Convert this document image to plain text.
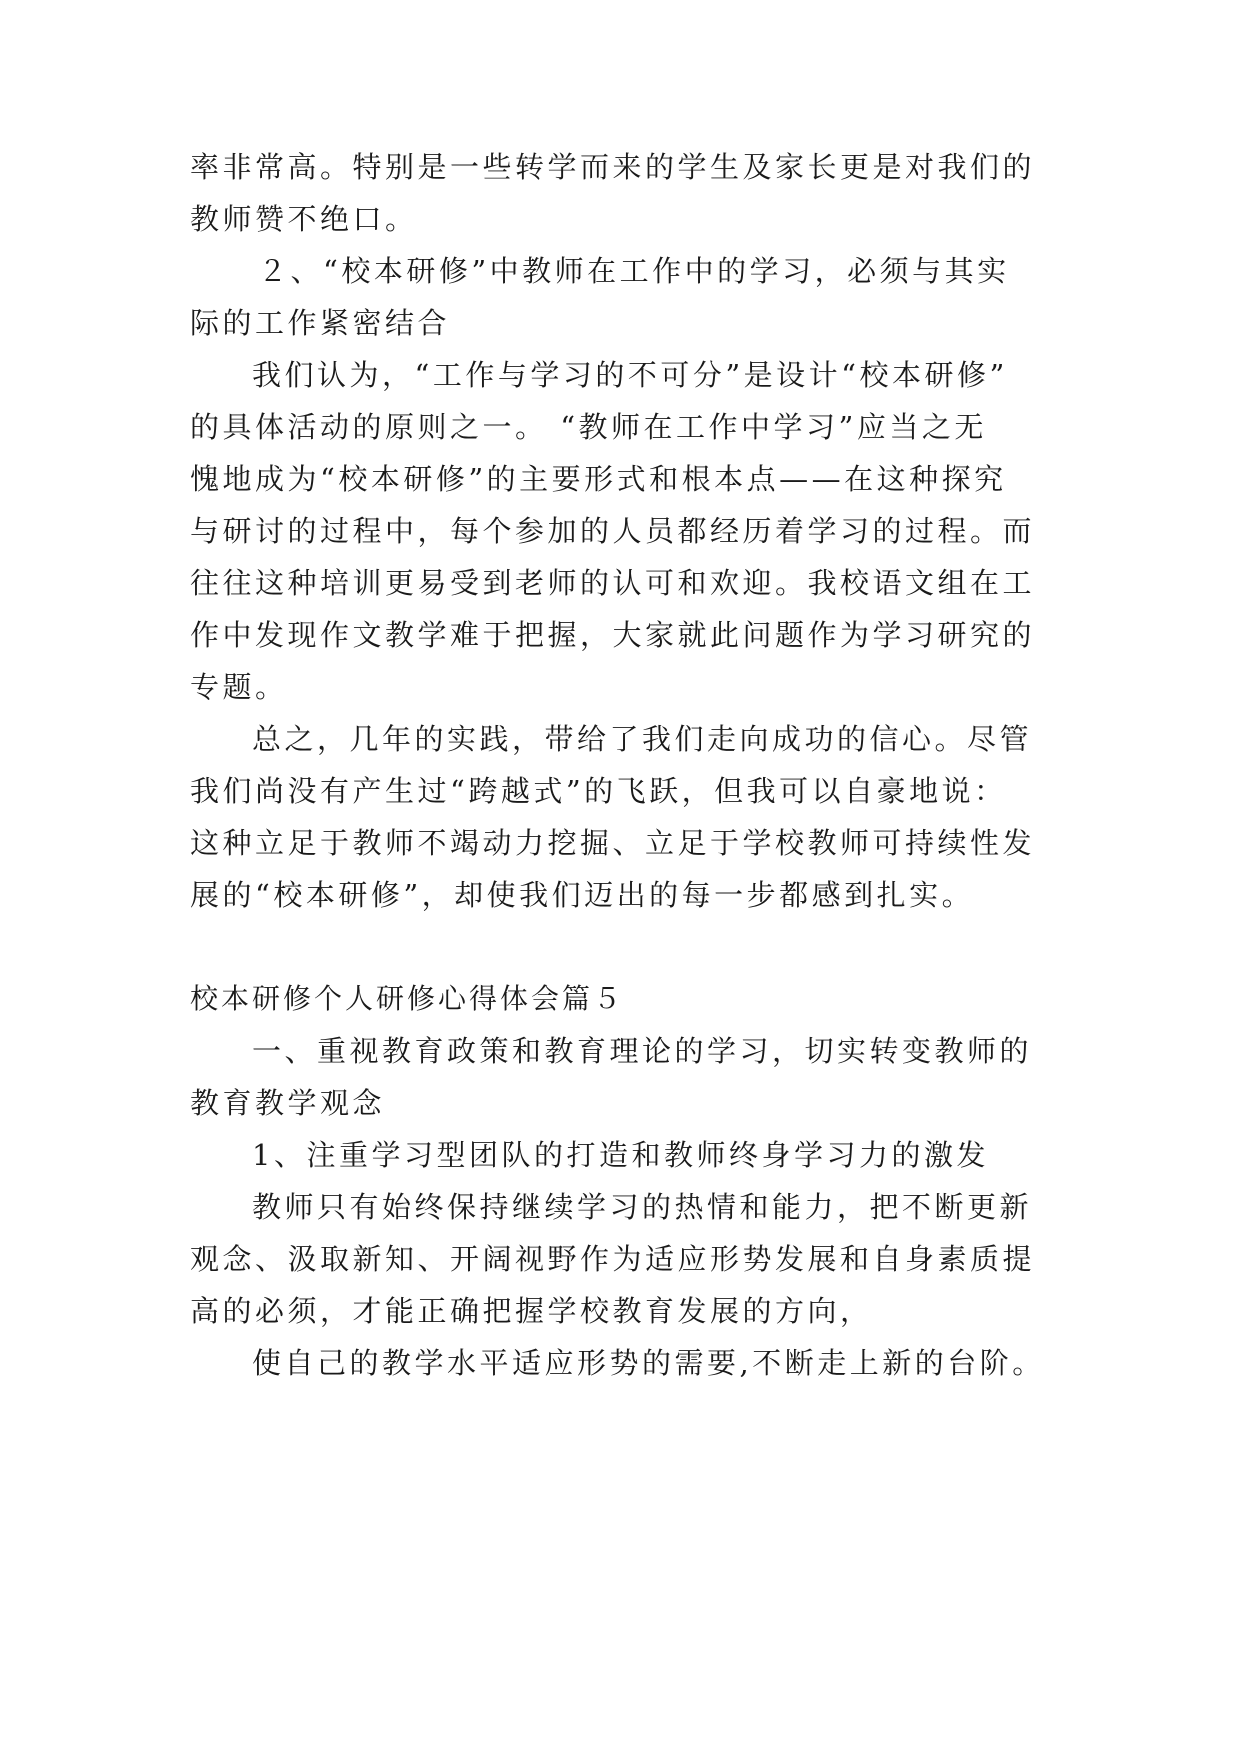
率非常高。特别是一些转学而来的学生及家长更是对我们的
教师赞不绝口。
２、“校本研修”中教师在工作中的学习，必须与其实
际的工作紧密结合
我们认为，“工作与学习的不可分”是设计“校本研修”
的具体活动的原则之一。 “教师在工作中学习”应当之无
愧地成为“校本研修”的主要形式和根本点——在这种探究
与研讨的过程中，每个参加的人员都经历着学习的过程。而
往往这种培训更易受到老师的认可和欢迎。我校语文组在工
作中发现作文教学难于把握，大家就此问题作为学习研究的
专题。
总之，几年的实践，带给了我们走向成功的信心。尽管
我们尚没有产生过“跨越式”的飞跃，但我可以自豪地说：
这种立足于教师不竭动力挖掘、立足于学校教师可持续性发
展的“校本研修”，却使我们迈出的每一步都感到扎实。
校本研修个人研修心得体会篇５
一、重视教育政策和教育理论的学习，切实转变教师的
教育教学观念
1、注重学习型团队的打造和教师终身学习力的激发
教师只有始终保持继续学习的热情和能力，把不断更新
观念、汲取新知、开阔视野作为适应形势发展和自身素质提
高的必须，才能正确把握学校教育发展的方向，
使自己的教学水平适应形势的需要,不断走上新的台阶。
